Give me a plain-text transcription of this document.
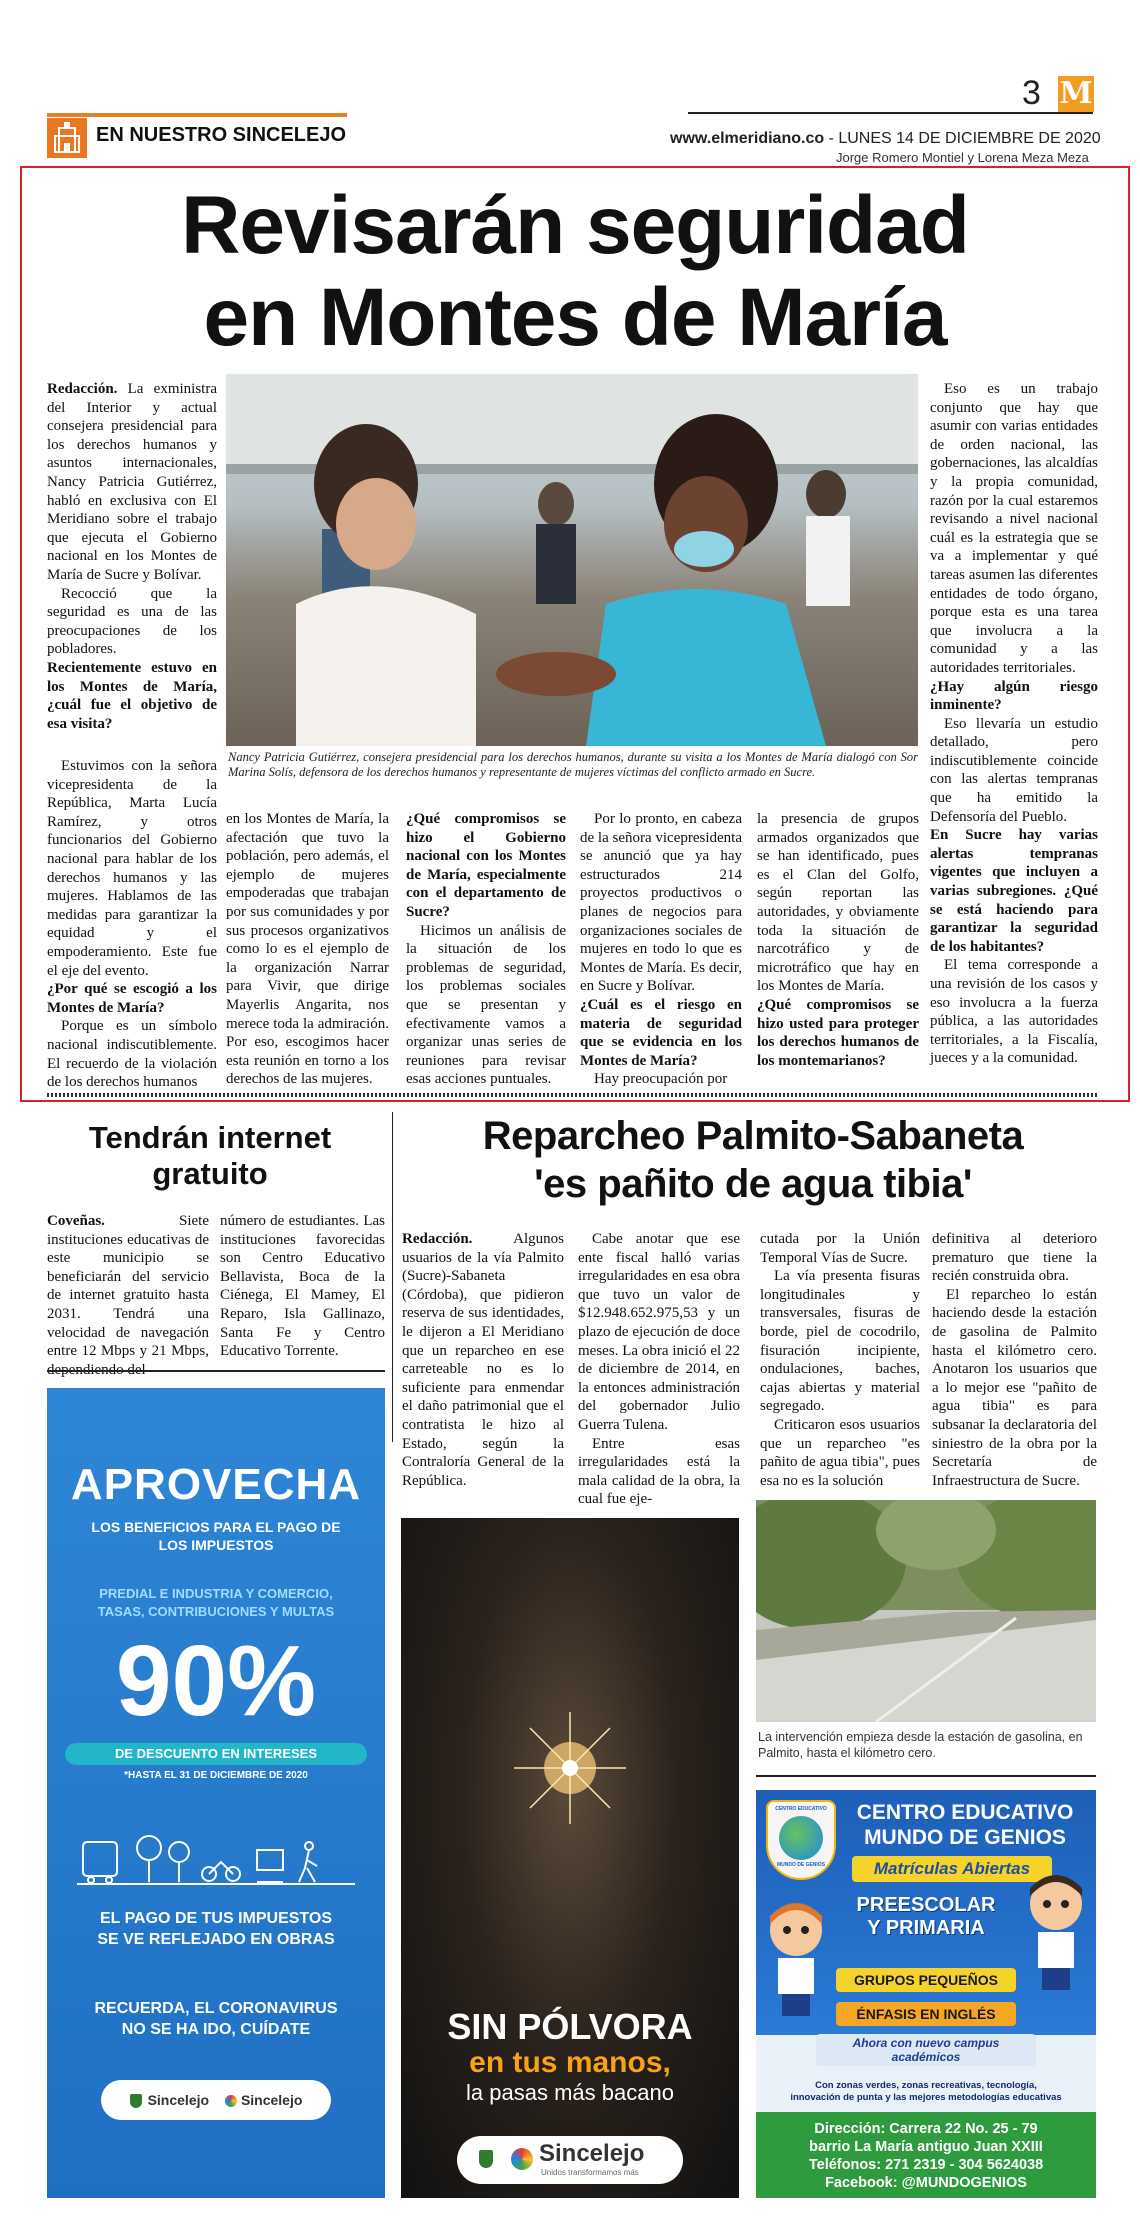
3 M
EN NUESTRO SINCELEJO	www.elmeridiano.co - LUNES 14 DE DICIEMBRE DE 2020
Jorge Romero Montiel y Lorena Meza Meza
Revisarán seguridad
en Montes de María
Nancy Patricia Gutiérrez, consejera presidencial para los derechos humanos, durante su visita a los Montes de María dialogó con Sor Marina Solís, defensora de los derechos humanos y representante de mujeres víctimas del conflicto armado en Sucre.

Redacción. La exministra del Interior y actual consejera presidencial para los derechos humanos y asuntos internacionales, Nancy Patricia Gutiérrez, habló en exclusiva con El Meridiano sobre el trabajo que ejecuta el Gobierno nacional en los Montes de María de Sucre y Bolívar.

Recocció que la seguridad es una de las preocupaciones de los pobladores.

Recientemente estuvo en los Montes de María, ¿cuál fue el objetivo de esa visita?

Estuvimos con la señora vicepresidenta de la República, Marta Lucía Ramírez, y otros funcionarios del Gobierno nacional para hablar de los derechos humanos y las mujeres. Hablamos de las medidas para garantizar la equidad y el empoderamiento. Este fue el eje del evento.

¿Por qué se escogió a los Montes de María?

Porque es un símbolo nacional indiscutiblemente. El recuerdo de la violación de los derechos humanos

en los Montes de María, la afectación que tuvo la población, pero además, el ejemplo de mujeres empoderadas que trabajan por sus comunidades y por sus procesos organizativos como lo es el ejemplo de la organización Narrar para Vivir, que dirige Mayerlis Angarita, nos merece toda la admiración. Por eso, escogimos hacer esta reunión en torno a los derechos de las mujeres.

¿Qué compromisos se hizo el Gobierno nacional con los Montes de María, especialmente con el departamento de Sucre?

Hicimos un análisis de la situación de los problemas de seguridad, los problemas sociales que se presentan y efectivamente vamos a organizar unas series de reuniones para revisar esas acciones puntuales.

Por lo pronto, en cabeza de la señora vicepresidenta se anunció que ya hay estructurados 214 proyectos productivos o planes de negocios para organizaciones sociales de mujeres en todo lo que es Montes de María. Es decir, en Sucre y Bolívar.

¿Cuál es el riesgo en materia de seguridad que se evidencia en los Montes de María?

Hay preocupación por

la presencia de grupos armados organizados que se han identificado, pues es el Clan del Golfo, según reportan las autoridades, y obviamente toda la situación de narcotráfico y de microtráfico que hay en los Montes de María.

¿Qué compromisos se hizo usted para proteger los derechos humanos de los montemarianos?

Eso es un trabajo conjunto que hay que asumir con varias entidades de orden nacional, las gobernaciones, las alcaldías y la propia comunidad, razón por la cual estaremos revisando a nivel nacional cuál es la estrategia que se va a implementar y qué tareas asumen las diferentes entidades de todo órgano, porque esta es una tarea que involucra a la comunidad y a las autoridades territoriales.

¿Hay algún riesgo inminente?

Eso llevaría un estudio detallado, pero indiscutiblemente coincide con las alertas tempranas que ha emitido la Defensoría del Pueblo.

En Sucre hay varias alertas tempranas vigentes que incluyen a varias subregiones. ¿Qué se está haciendo para garantizar la seguridad de los habitantes?

El tema corresponde a una revisión de los casos y eso involucra a la fuerza pública, a las autoridades territoriales, a la Fiscalía, jueces y a la comunidad.

Tendrán internet
gratuito

Coveñas.	Siete instituciones educativas de este municipio se beneficiarán del servicio de internet gratuito hasta 2031. Tendrá una velocidad de navegación entre 12 Mbps y 21 Mbps,

número de estudiantes. Las instituciones favorecidas son Centro Educativo Bellavista, Boca de la Ciénega, El Mamey, El Reparo, Isla Gallinazo, Santa Fe y Centro Educativo Torrente.

Reparcheo Palmito-Sabaneta
'es pañito de agua tibia'

Redacción. Algunos usuarios de la vía Palmito (Sucre)-Sabaneta (Córdoba), que pidieron reserva de sus identidades, le dijeron a El Meridiano que un reparcheo en ese carreteable no es lo suficiente para enmendar el daño patrimonial que el contratista le hizo al Estado, según la Contraloría General de la República.

Cabe anotar que ese ente fiscal halló varias irregularidades en esa obra que tuvo un valor de $12.948.652.975,53 y un plazo de ejecución de doce meses. La obra inició el 22 de diciembre de 2014, en la entonces administración del gobernador Julio Guerra Tulena.

Entre esas irregularidades está la mala calidad de la obra, la cual fue eje-

cutada por la Unión Temporal Vías de Sucre.

La vía presenta fisuras longitudinales y transversales, fisuras de borde, piel de cocodrilo, fisuración incipiente, ondulaciones, baches, cajas abiertas y material segregado.

Criticaron esos usuarios que un reparcheo "es pañito de agua tibia", pues esa no es la solución

definitiva al deterioro prematuro que tiene la recién construida obra.

El reparcheo lo están haciendo desde la estación de gasolina de Palmito hasta el kilómetro cero. Anotaron los usuarios que a lo mejor ese "pañito de agua tibia" es para subsanar la declaratoria del siniestro de la obra por la Secretaría de Infraestructura de Sucre.

La intervención empieza desde la estación de gasolina, en Palmito, hasta el kilómetro cero.
APROVECHA
LOS BENEFICIOS PARA EL PAGO DE
LOS IMPUESTOS
PREDIAL E INDUSTRIA Y COMERCIO,
TASAS, CONTRIBUCIONES Y MULTAS
90%
DE DESCUENTO EN INTERESES
*HASTA EL 31 DE DICIEMBRE DE 2020
EL PAGO DE TUS IMPUESTOS
SE VE REFLEJADO EN OBRAS
RECUERDA, EL CORONAVIRUS
NO SE HA IDO, CUÍDATE
Sincelejo Sincelejo
SIN PÓLVORA
en tus manos,
la pasas más bacano
Sincelejo
Unidos transformamos más
CENTRO EDUCATIVO
MUNDO DE GENIOS
CENTRO EDUCATIVO
MUNDO DE GENIOS
Matrículas Abiertas
PREESCOLAR
Y PRIMARIA
GRUPOS PEQUEÑOS
ÉNFASIS EN INGLÉS
Ahora con nuevo campus
académicos
Con zonas verdes, zonas recreativas, tecnología,
innovación de punta y las mejores metodologías educativas
Dirección: Carrera 22 No. 25 - 79
barrio La María antiguo Juan XXIII
Teléfonos: 271 2319 - 304 5624038
Facebook: @MUNDOGENIOS
